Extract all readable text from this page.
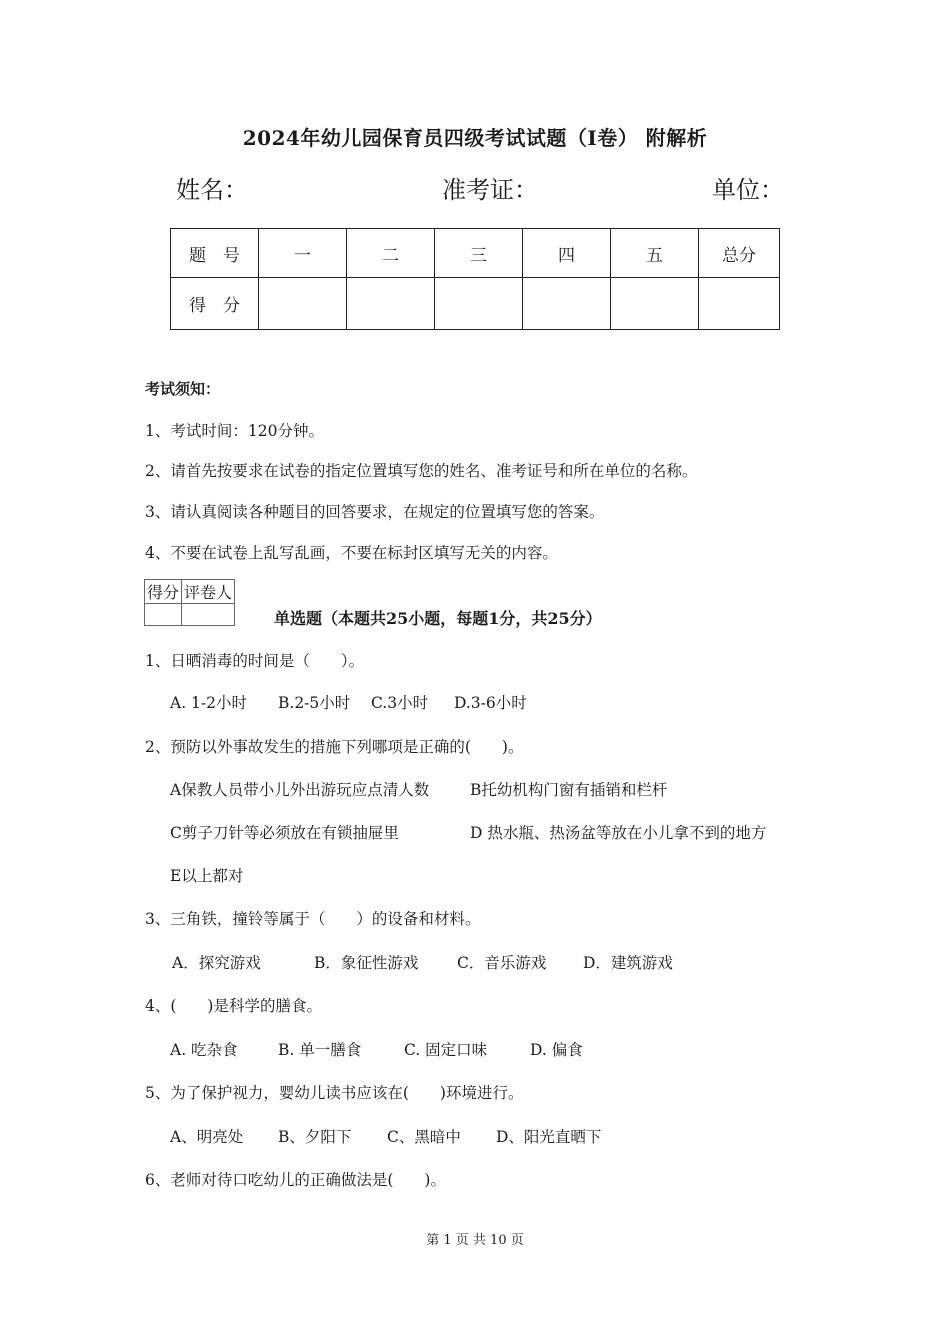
2024年幼儿园保育员四级考试试题（I卷） 附解析
姓名：	准考证：	单位：
题　号	一	二	三	四	五	总分
得　分						
考试须知：
1、考试时间：120分钟。
2、请首先按要求在试卷的指定位置填写您的姓名、准考证号和所在单位的名称。
3、请认真阅读各种题目的回答要求，在规定的位置填写您的答案。
4、不要在试卷上乱写乱画，不要在标封区填写无关的内容。
得分	评卷人

单选题（本题共25小题，每题1分，共25分）
1、日晒消毒的时间是（　　）。
A. 1-2小时 B.2-5小时 C.3小时 D.3-6小时
2、预防以外事故发生的措施下列哪项是正确的(　　)。
A保教人员带小儿外出游玩应点清人数	B托幼机构门窗有插销和栏杆
C剪子刀针等必须放在有锁抽屉里	D 热水瓶、热汤盆等放在小儿拿不到的地方
E以上都对
3、三角铁，撞铃等属于（　　）的设备和材料。
A．探究游戏	B．象征性游戏 C．音乐游戏 D．建筑游戏
4、(　　)是科学的膳食。
A. 吃杂食	B. 单一膳食	C. 固定口味	D. 偏食
5、为了保护视力，婴幼儿读书应该在(　　)环境进行。
A、明亮处 B、夕阳下 C、黑暗中 D、阳光直晒下
6、老师对待口吃幼儿的正确做法是(　　)。
第 1 页 共 10 页
